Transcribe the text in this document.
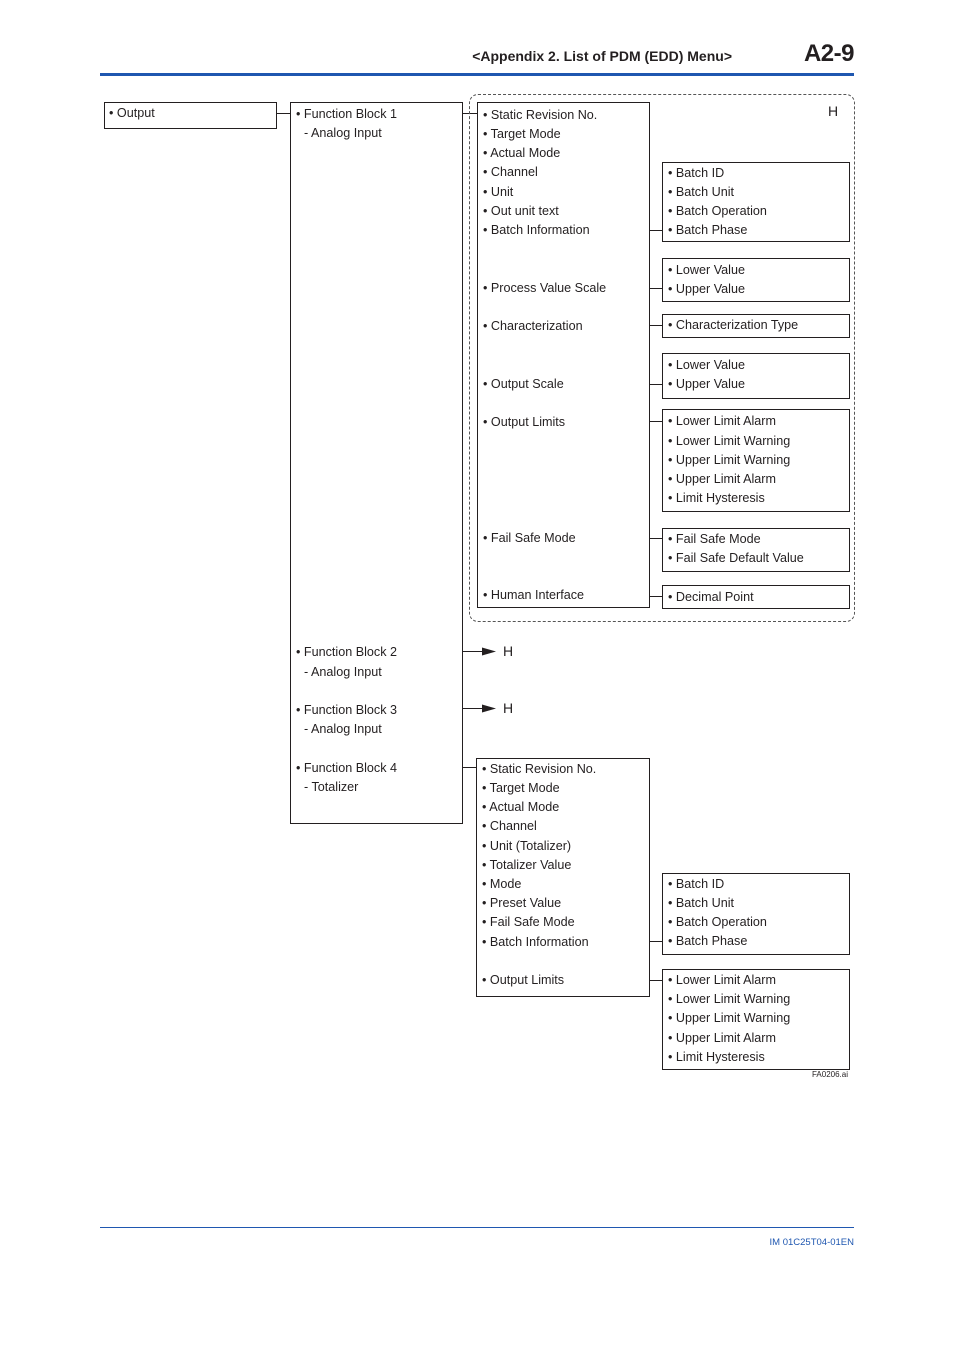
<Appendix 2. List of PDM (EDD) Menu>	A2-9
IM 01C25T04-01EN
H
• Output	• Function Block 1
- Analog Input
• Function Block 2
- Analog Input
• Function Block 3
- Analog Input
• Function Block 4
- Totalizer
H
H
• Static Revision No.
• Target Mode
• Actual Mode
• Channel
• Unit
• Out unit text
• Batch Information
• Process Value Scale
• Characterization
• Output Scale
• Output Limits
• Fail Safe Mode
• Human Interface
• Batch ID
• Batch Unit
• Batch Operation
• Batch Phase
• Lower Value
• Upper Value
• Characterization Type
• Lower Value
• Upper Value
• Lower Limit Alarm
• Lower Limit Warning
• Upper Limit Warning
• Upper Limit Alarm
• Limit Hysteresis
• Fail Safe Mode
• Fail Safe Default Value
• Decimal Point
• Static Revision No.
• Target Mode
• Actual Mode
• Channel
• Unit (Totalizer)
• Totalizer Value
• Mode
• Preset Value
• Fail Safe Mode
• Batch Information
• Output Limits
• Batch ID
• Batch Unit
• Batch Operation
• Batch Phase
• Lower Limit Alarm
• Lower Limit Warning
• Upper Limit Warning
• Upper Limit Alarm
• Limit Hysteresis
FA0206.ai
